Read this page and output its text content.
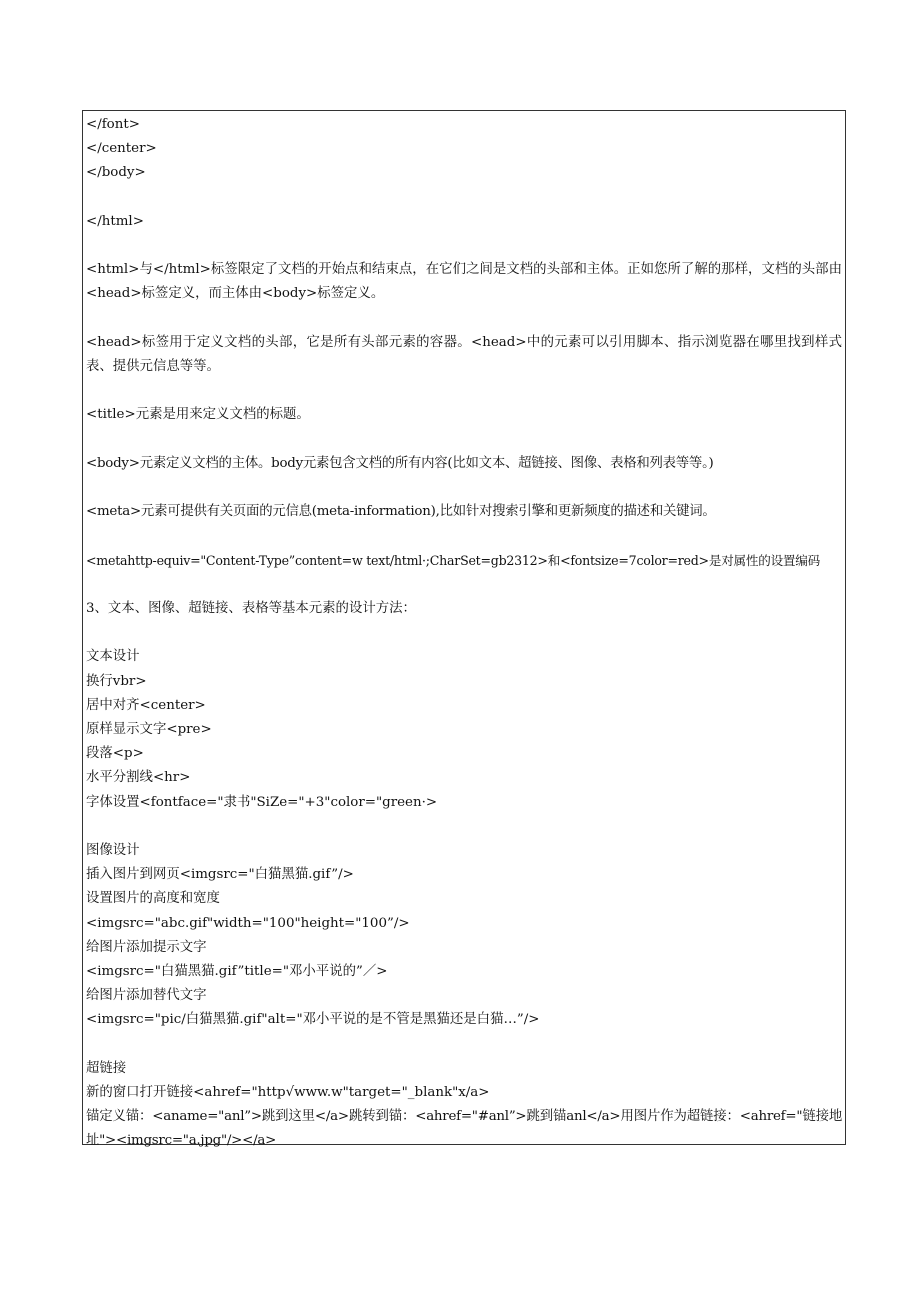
</font>
</center>
</body>
</html>
<html>与</html>标签限定了文档的开始点和结束点，在它们之间是文档的头部和主体。正如您所了解的那样，文档的头部由<head>标签定义，而主体由<body>标签定义。
<head>标签用于定义文档的头部，它是所有头部元素的容器。<head>中的元素可以引用脚本、指示浏览器在哪里找到样式表、提供元信息等等。
<title>元素是用来定义文档的标题。
<body>元素定义文档的主体。body元素包含文档的所有内容(比如文本、超链接、图像、表格和列表等等。)
<meta>元素可提供有关页面的元信息(meta-information),比如针对搜索引擎和更新频度的描述和关键词。
<metahttp-equiv="Content-Type”content=w text/html·;CharSet=gb2312>和<fontsize=7color=red>是对属性的设置编码
3、文本、图像、超链接、表格等基本元素的设计方法：
文本设计
换行vbr>
居中对齐<center>
原样显示文字<pre>
段落<p>
水平分割线<hr>
字体设置<fontface="隶书"SiZe="+3"color="green·>
图像设计
插入图片到网页<imgsrc="白猫黑猫.gif”/>
设置图片的高度和宽度
<imgsrc="abc.gif"width="100"height="100”/>
给图片添加提示文字
<imgsrc="白猫黑猫.gif”title="邓小平说的”／>
给图片添加替代文字
<imgsrc="pic/白猫黑猫.gif"alt="邓小平说的是不管是黑猫还是白猫…”/>
超链接
新的窗口打开链接<ahref="http√www.w"target="_blank"x/a>
锚定义锚：<aname="anl”>跳到这里</a>跳转到锚：<ahref="#anl”>跳到锚anl</a>用图片作为超链接：<ahref="链接地址"><imgsrc="a.jpg"/></a>
